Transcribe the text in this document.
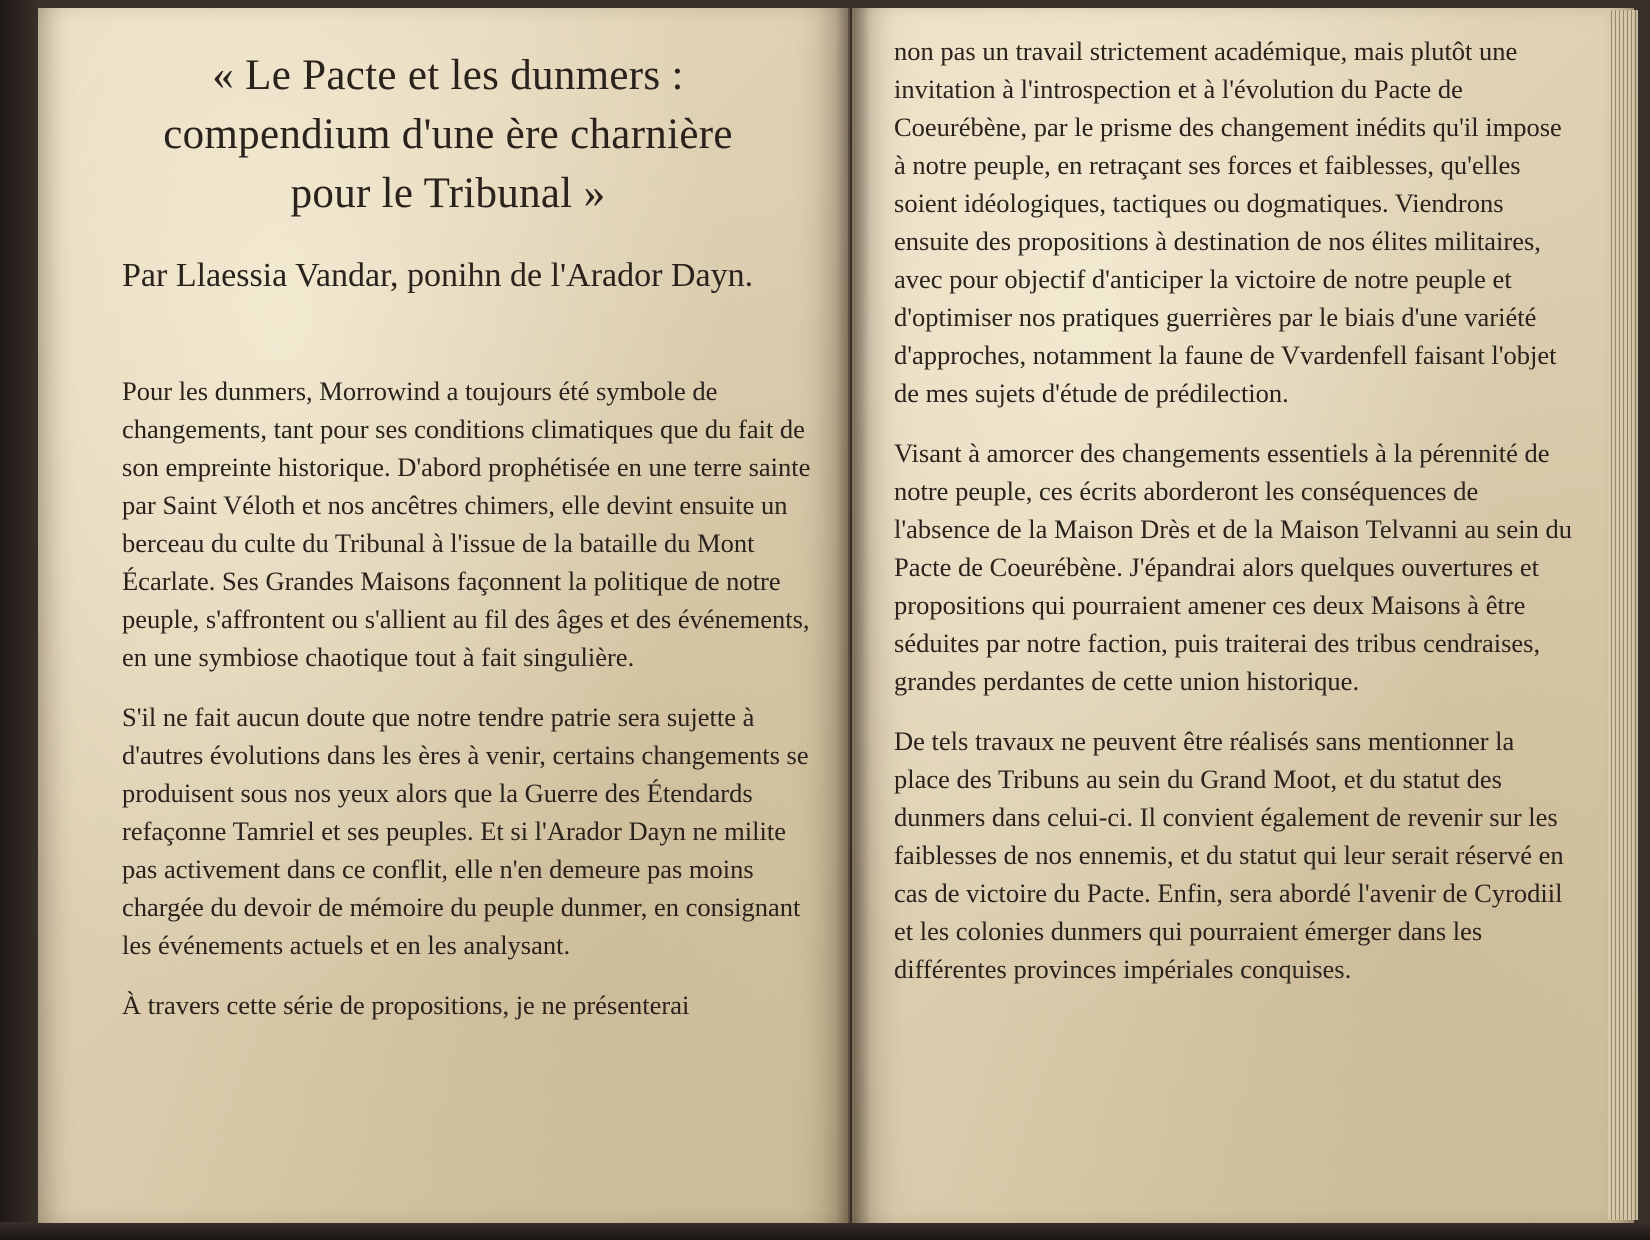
« Le Pacte et les dunmers :
compendium d'une ère charnière
pour le Tribunal »
Par Llaessia Vandar, ponihn de l'Arador Dayn.

Pour les dunmers, Morrowind a toujours été symbole de changements, tant pour ses conditions climatiques que du fait de son empreinte historique. D'abord prophétisée en une terre sainte par Saint Véloth et nos ancêtres chimers, elle devint ensuite un berceau du culte du Tribunal à l'issue de la bataille du Mont Écarlate. Ses Grandes Maisons façonnent la politique de notre peuple, s'affrontent ou s'allient au fil des âges et des événements, en une symbiose chaotique tout à fait singulière.

S'il ne fait aucun doute que notre tendre patrie sera sujette à d'autres évolutions dans les ères à venir, certains changements se produisent sous nos yeux alors que la Guerre des Étendards refaçonne Tamriel et ses peuples. Et si l'Arador Dayn ne milite pas activement dans ce conflit, elle n'en demeure pas moins chargée du devoir de mémoire du peuple dunmer, en consignant les événements actuels et en les analysant.

À travers cette série de propositions, je ne présenterai

non pas un travail strictement académique, mais plutôt une invitation à l'introspection et à l'évolution du Pacte de Coeurébène, par le prisme des changement inédits qu'il impose à notre peuple, en retraçant ses forces et faiblesses, qu'elles soient idéologiques, tactiques ou dogmatiques. Viendrons ensuite des propositions à destination de nos élites militaires, avec pour objectif d'anticiper la victoire de notre peuple et d'optimiser nos pratiques guerrières par le biais d'une variété d'approches, notamment la faune de Vvardenfell faisant l'objet de mes sujets d'étude de prédilection.

Visant à amorcer des changements essentiels à la pérennité de notre peuple, ces écrits aborderont les conséquences de l'absence de la Maison Drès et de la Maison Telvanni au sein du Pacte de Coeurébène. J'épandrai alors quelques ouvertures et propositions qui pourraient amener ces deux Maisons à être séduites par notre faction, puis traiterai des tribus cendraises, grandes perdantes de cette union historique.

De tels travaux ne peuvent être réalisés sans mentionner la place des Tribuns au sein du Grand Moot, et du statut des dunmers dans celui-ci. Il convient également de revenir sur les faiblesses de nos ennemis, et du statut qui leur serait réservé en cas de victoire du Pacte. Enfin, sera abordé l'avenir de Cyrodiil et les colonies dunmers qui pourraient émerger dans les différentes provinces impériales conquises.
